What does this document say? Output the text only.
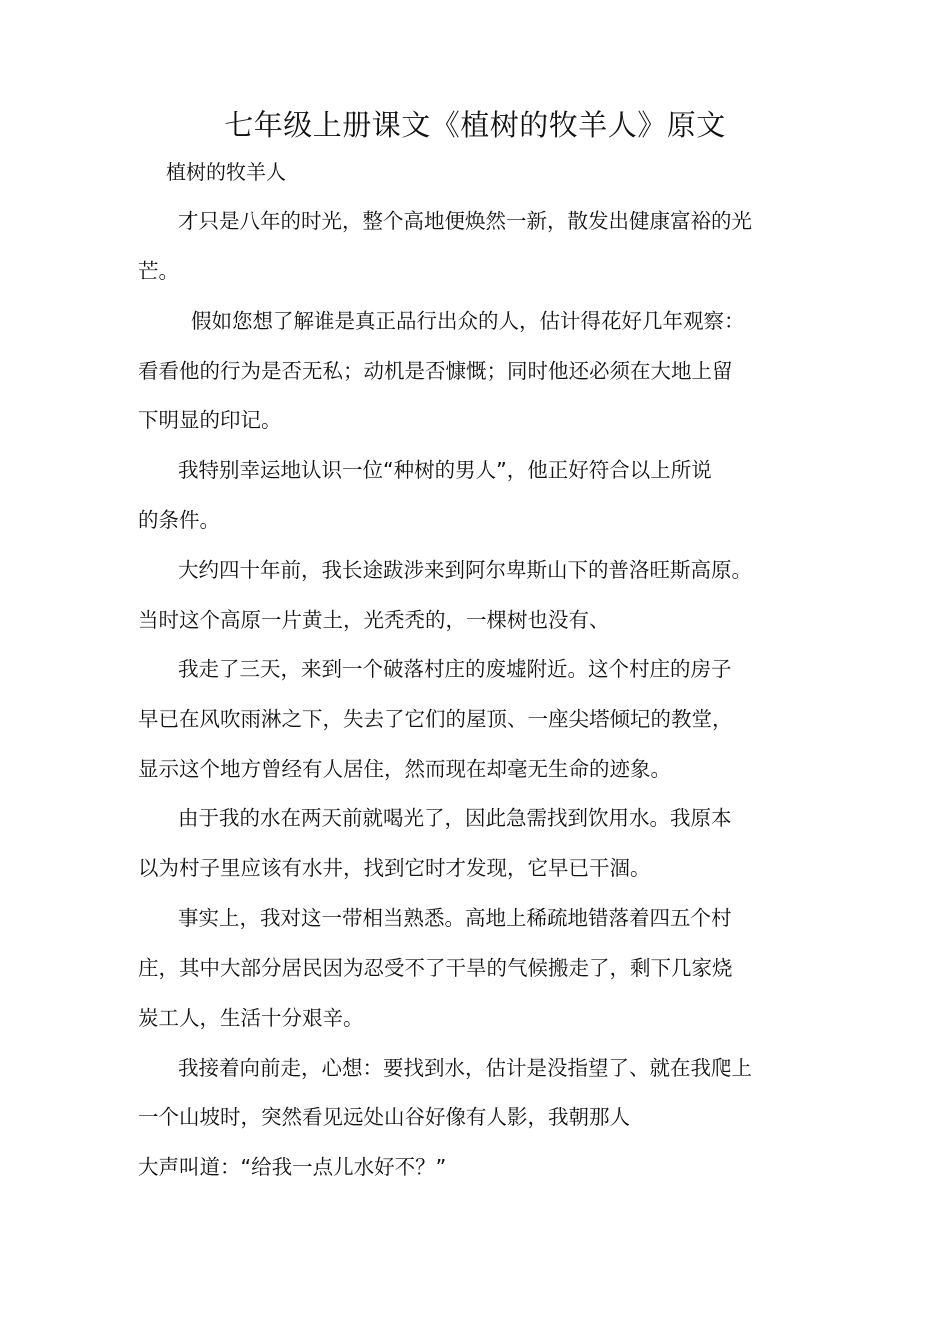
七年级上册课文《植树的牧羊人》原文
植树的牧羊人
才只是八年的时光，整个高地便焕然一新，散发出健康富裕的光
芒。
假如您想了解谁是真正品行出众的人，估计得花好几年观察：
看看他的行为是否无私；动机是否慷慨；同时他还必须在大地上留
下明显的印记。
我特别幸运地认识一位“种树的男人”，他正好符合以上所说
的条件。
大约四十年前，我长途跋涉来到阿尔卑斯山下的普洛旺斯高原。
当时这个高原一片黄土，光秃秃的，一棵树也没有、
我走了三天，来到一个破落村庄的废墟附近。这个村庄的房子
早已在风吹雨淋之下，失去了它们的屋顶、一座尖塔倾圮的教堂，
显示这个地方曾经有人居住，然而现在却毫无生命的迹象。
由于我的水在两天前就喝光了，因此急需找到饮用水。我原本
以为村子里应该有水井，找到它时才发现，它早已干涸。
事实上，我对这一带相当熟悉。高地上稀疏地错落着四五个村
庄，其中大部分居民因为忍受不了干旱的气候搬走了，剩下几家烧
炭工人，生活十分艰辛。
我接着向前走，心想：要找到水，估计是没指望了、就在我爬上
一个山坡时，突然看见远处山谷好像有人影，我朝那人
大声叫道：“给我一点儿水好不？”
